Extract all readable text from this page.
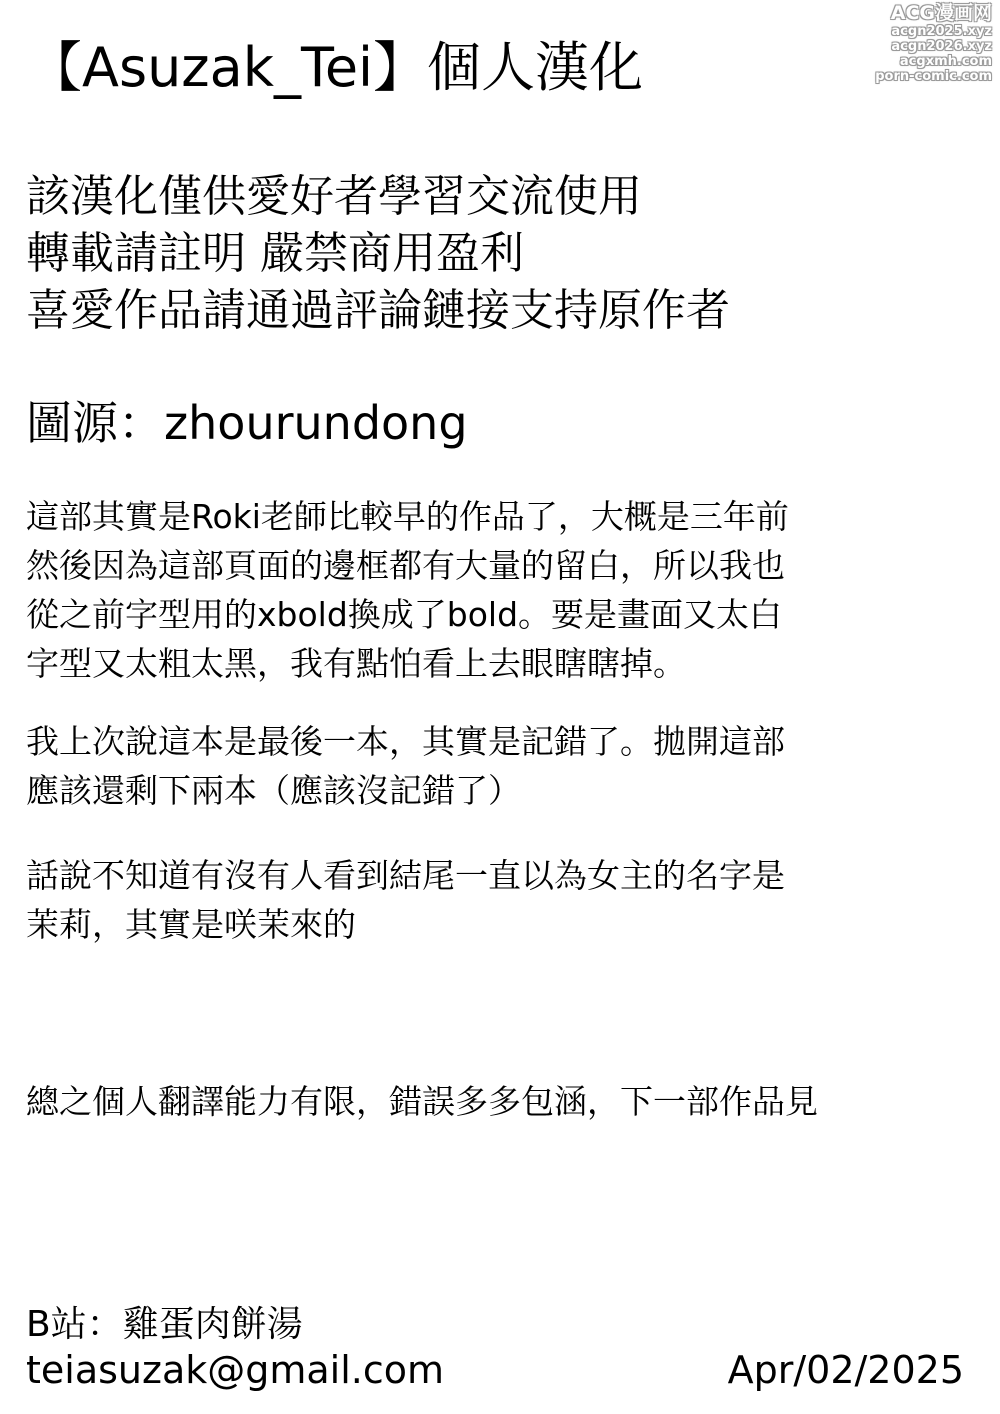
ACG漫画网
acgn2025.xyz
acgn2026.xyz
acgxmh.com
porn-comic.com
【Asuzak_Tei】個人漢化
該漢化僅供愛好者學習交流使用
轉載請註明 嚴禁商用盈利
喜愛作品請通過評論鏈接支持原作者
圖源：zhourundong
這部其實是Roki老師比較早的作品了，大概是三年前
然後因為這部頁面的邊框都有大量的留白，所以我也
從之前字型用的xbold換成了bold。要是畫面又太白
字型又太粗太黑，我有點怕看上去眼瞎瞎掉。
我上次說這本是最後一本，其實是記錯了。拋開這部
應該還剩下兩本（應該沒記錯了）
話說不知道有沒有人看到結尾一直以為女主的名字是
茉莉，其實是咲茉來的
總之個人翻譯能力有限，錯誤多多包涵，下一部作品見
B站：雞蛋肉餅湯
teiasuzak@gmail.com	Apr/02/2025
